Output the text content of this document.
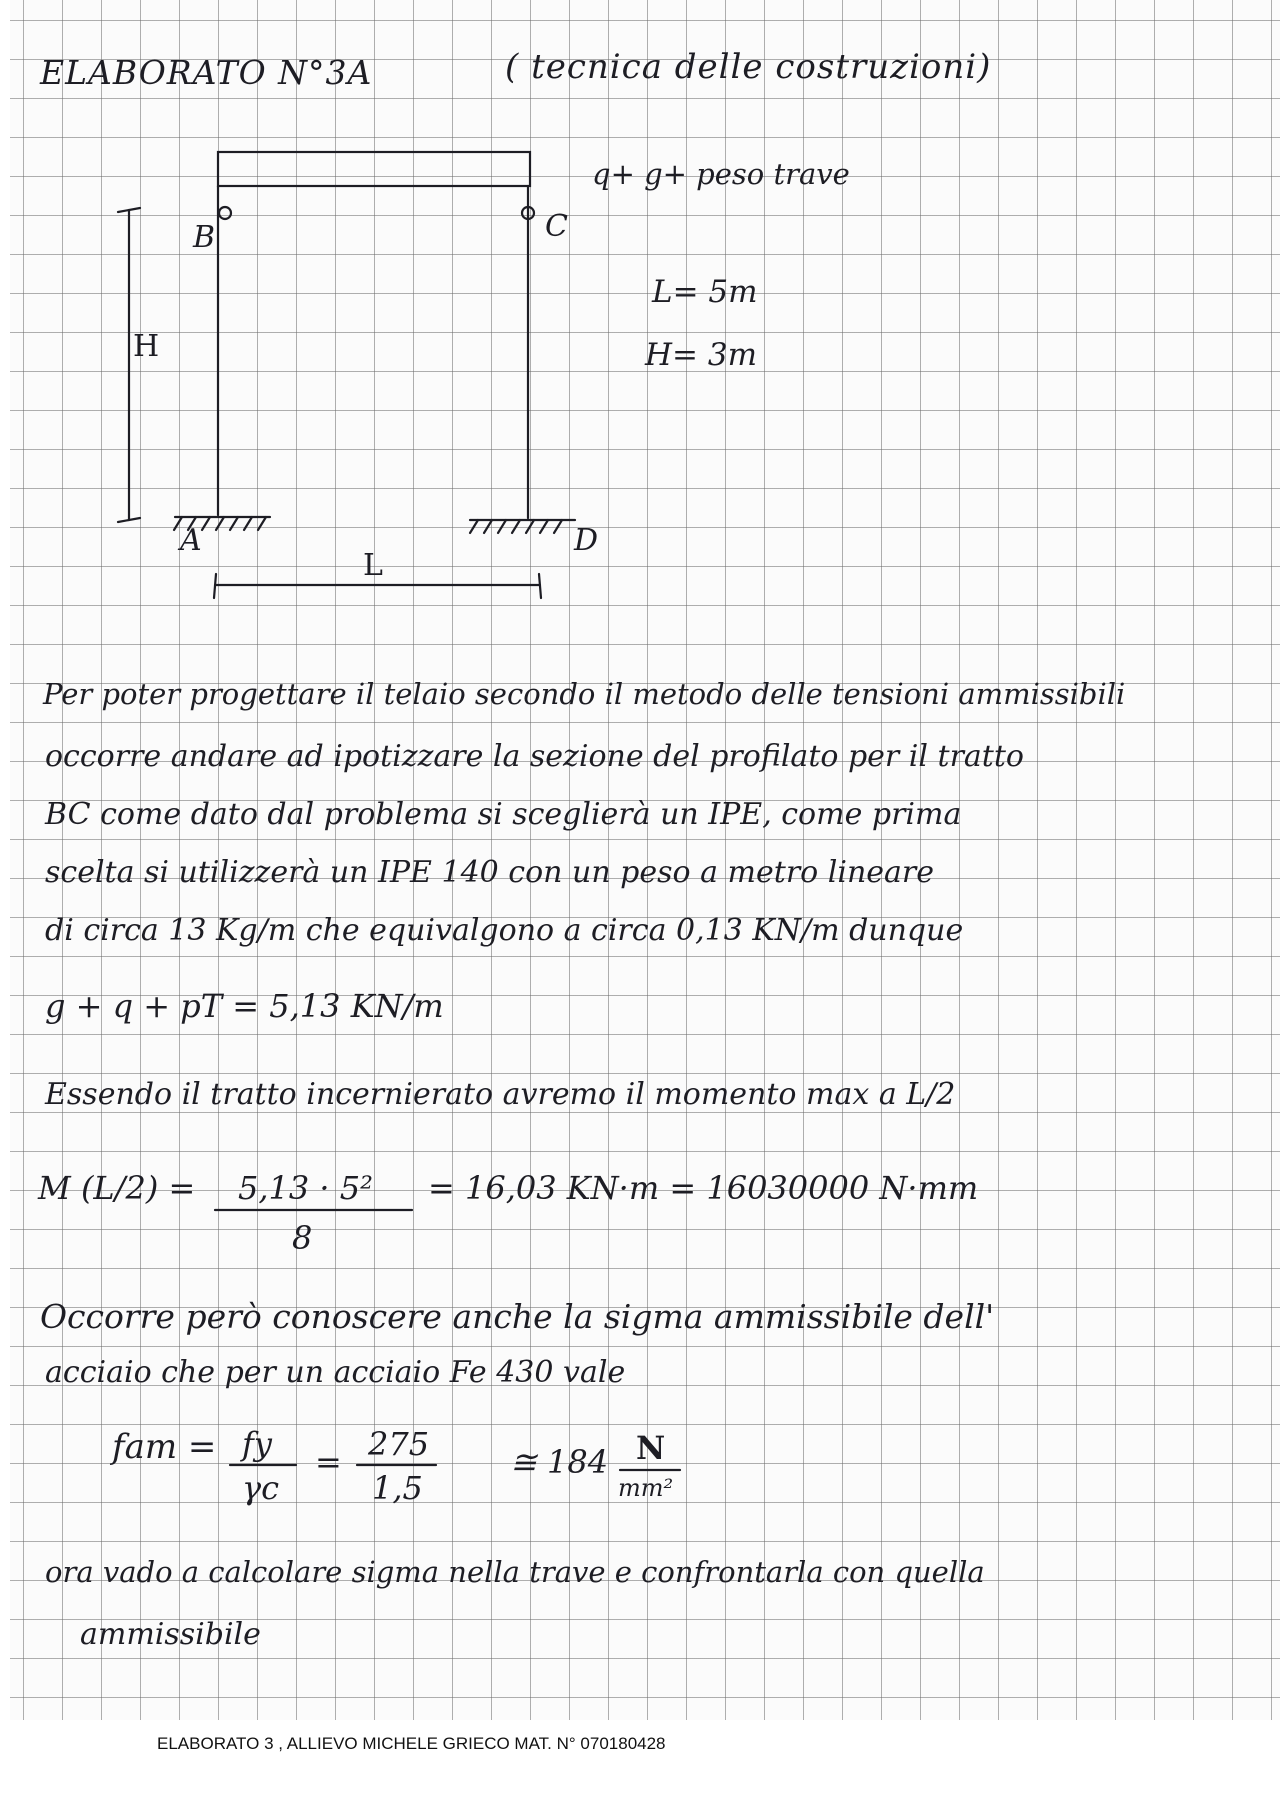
ELABORATO N°3A	( tecnica delle costruzioni)
q+ g+ peso trave
B	C
A	D
H
L
L= 5m
H= 3m
Per poter progettare il telaio secondo il metodo delle tensioni ammissibili
occorre andare ad ipotizzare la sezione del profilato per il tratto
BC come dato dal problema si sceglierà un IPE, come prima
scelta si utilizzerà un IPE 140 con un peso a metro lineare
di circa 13 Kg/m che equivalgono a circa 0,13 KN/m dunque
g + q + pT = 5,13 KN/m
Essendo il tratto incernierato avremo il momento max a L/2
M (L/2) = 5,13 · 5²
8
= 16,03 KN·m = 16030000 N·mm
Occorre però conoscere anche la sigma ammissibile dell'
acciaio che per un acciaio Fe 430 vale
fam = fy
γc
= 275
1,5
≅ 184 N
mm²
ora vado a calcolare sigma nella trave e confrontarla con quella
ammissibile
ELABORATO 3 , ALLIEVO MICHELE GRIECO MAT. N° 070180428
